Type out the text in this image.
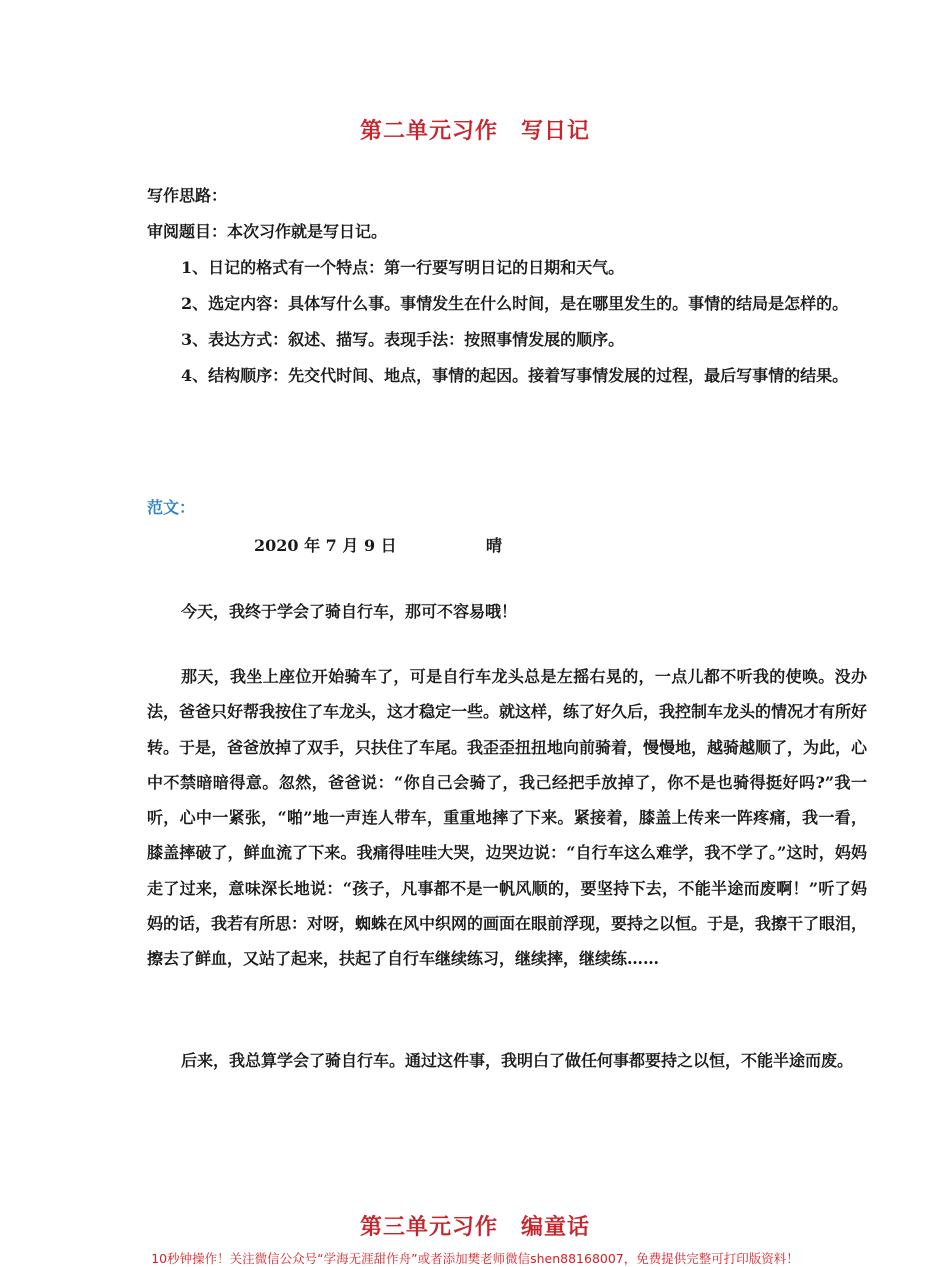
第二单元习作　写日记

写作思路：

审阅题目：本次习作就是写日记。

1、日记的格式有一个特点：第一行要写明日记的日期和天气。

2、选定内容：具体写什么事。事情发生在什么时间，是在哪里发生的。事情的结局是怎样的。

3、表达方式：叙述、描写。表现手法：按照事情发展的顺序。

4、结构顺序：先交代时间、地点，事情的起因。接着写事情发展的过程，最后写事情的结果。

范文：
2020 年 7 月 9 日	晴

今天，我终于学会了骑自行车，那可不容易哦！

那天，我坐上座位开始骑车了，可是自行车龙头总是左摇右晃的，一点儿都不听我的使唤。没办法，爸爸只好帮我按住了车龙头，这才稳定一些。就这样，练了好久后，我控制车龙头的情况才有所好转。于是，爸爸放掉了双手，只扶住了车尾。我歪歪扭扭地向前骑着，慢慢地，越骑越顺了，为此，心中不禁暗暗得意。忽然，爸爸说：“你自己会骑了，我己经把手放掉了，你不是也骑得挺好吗?”我一听，心中一紧张，“啪”地一声连人带车，重重地摔了下来。紧接着，膝盖上传来一阵疼痛，我一看，膝盖摔破了，鲜血流了下来。我痛得哇哇大哭，边哭边说：“自行车这么难学，我不学了。”这时，妈妈走了过来，意味深长地说：“孩子，凡事都不是一帆风顺的，要坚持下去，不能半途而废啊！”听了妈妈的话，我若有所思：对呀，蜘蛛在风中织网的画面在眼前浮现，要持之以恒。于是，我擦干了眼泪，擦去了鲜血，又站了起来，扶起了自行车继续练习，继续摔，继续练……

后来，我总算学会了骑自行车。通过这件事，我明白了做任何事都要持之以恒，不能半途而废。

第三单元习作　编童话
10秒钟操作！关注微信公众号“学海无涯甜作舟”或者添加樊老师微信shen88168007，免费提供完整可打印版资料！
